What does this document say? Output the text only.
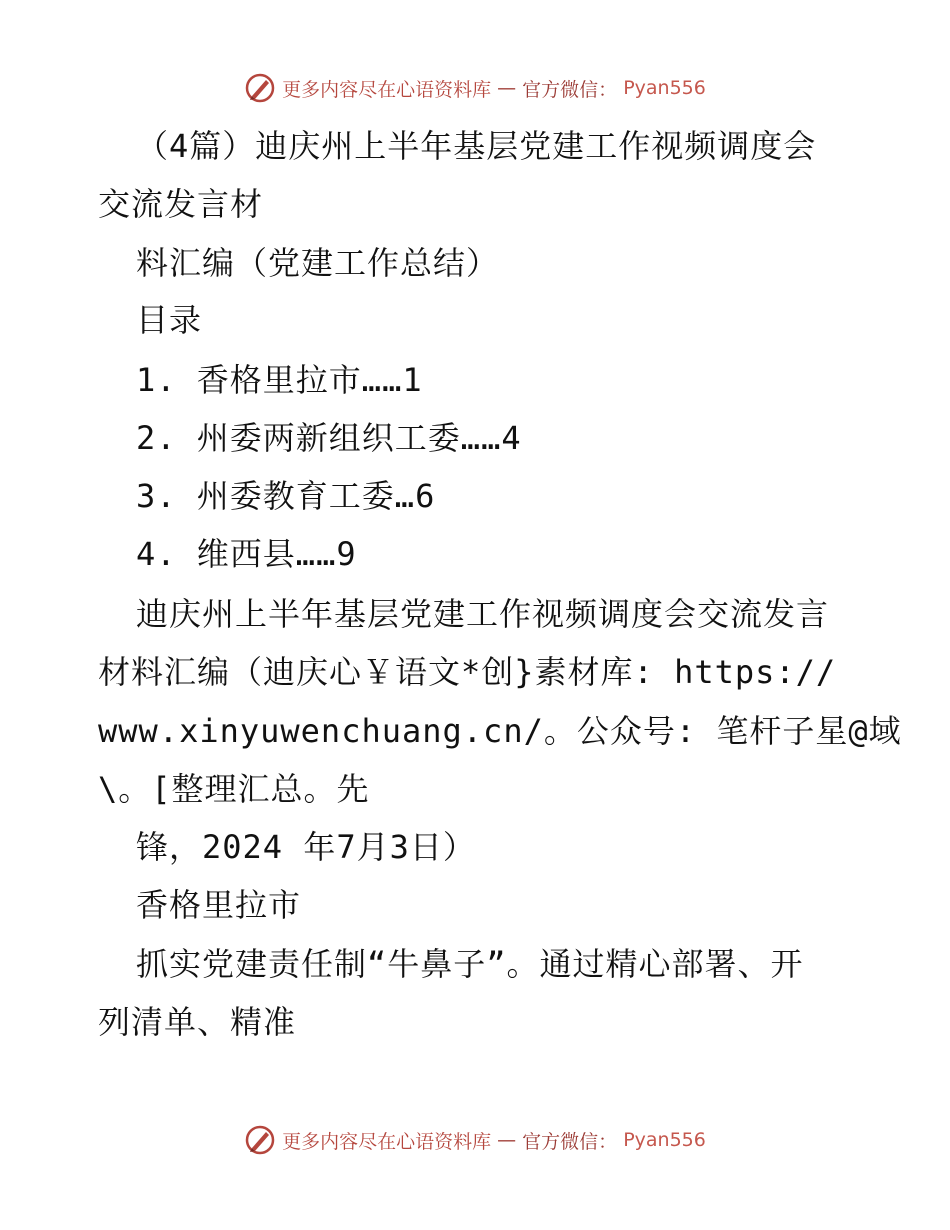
更多内容尽在心语资料库 — 官方微信： Pyan556
（4篇）迪庆州上半年基层党建工作视频调度会
交流发言材
料汇编（党建工作总结）
目录
1. 香格里拉市……1
2. 州委两新组织工委……4
3. 州委教育工委…6
4. 维西县……9
迪庆州上半年基层党建工作视频调度会交流发言
材料汇编（迪庆心￥语文*创}素材库: https://
www.xinyuwenchuang.cn/。公众号: 笔杆子星@域
\。[整理汇总。先
锋，2024 年7月3日）
香格里拉市
抓实党建责任制“牛鼻子”。通过精心部署、开
列清单、精准
更多内容尽在心语资料库 — 官方微信： Pyan556
